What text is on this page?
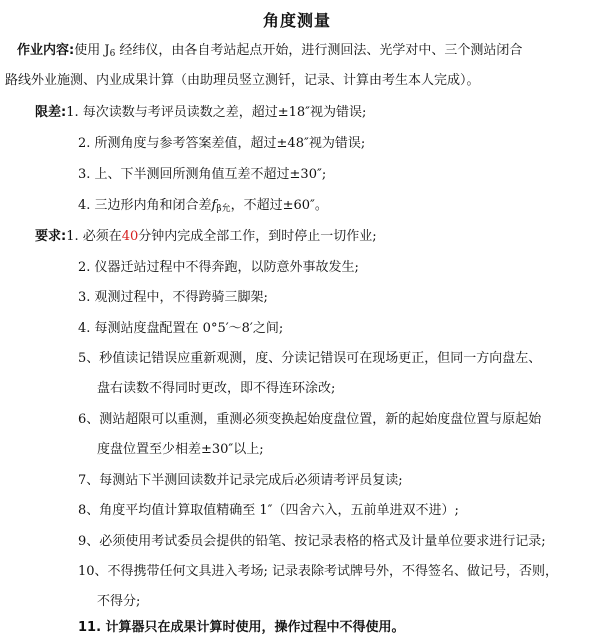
角度测量
作业内容:使用 $J_6$ 经纬仪，由各自考站起点开始，进行测回法、光学对中、三个测站闭合
路线外业施测、内业成果计算（由助理员竖立测钎，记录、计算由考生本人完成）。
限差:1. 每次读数与考评员读数之差，超过±18″视为错误;
2. 所测角度与参考答案差值，超过±48″视为错误;
3. 上、下半测回所测角值互差不超过±30″;
4. 三边形内角和闭合差$f_{\beta 允}$，不超过±60″。
要求:1. 必须在40分钟内完成全部工作，到时停止一切作业;
2. 仪器迁站过程中不得奔跑，以防意外事故发生;
3. 观测过程中，不得跨骑三脚架;
4. 每测站度盘配置在 0°5′～8′之间;
5、秒值读记错误应重新观测，度、分读记错误可在现场更正，但同一方向盘左、
盘右读数不得同时更改，即不得连环涂改;
6、测站超限可以重测，重测必须变换起始度盘位置，新的起始度盘位置与原起始
度盘位置至少相差±30″以上;
7、每测站下半测回读数并记录完成后必须请考评员复读;
8、角度平均值计算取值精确至 1″（四舍六入，五前单进双不进）;
9、必须使用考试委员会提供的铅笔、按记录表格的格式及计量单位要求进行记录;
10、不得携带任何文具进入考场; 记录表除考试牌号外，不得签名、做记号，否则，
不得分;
11. 计算器只在成果计算时使用，操作过程中不得使用。
